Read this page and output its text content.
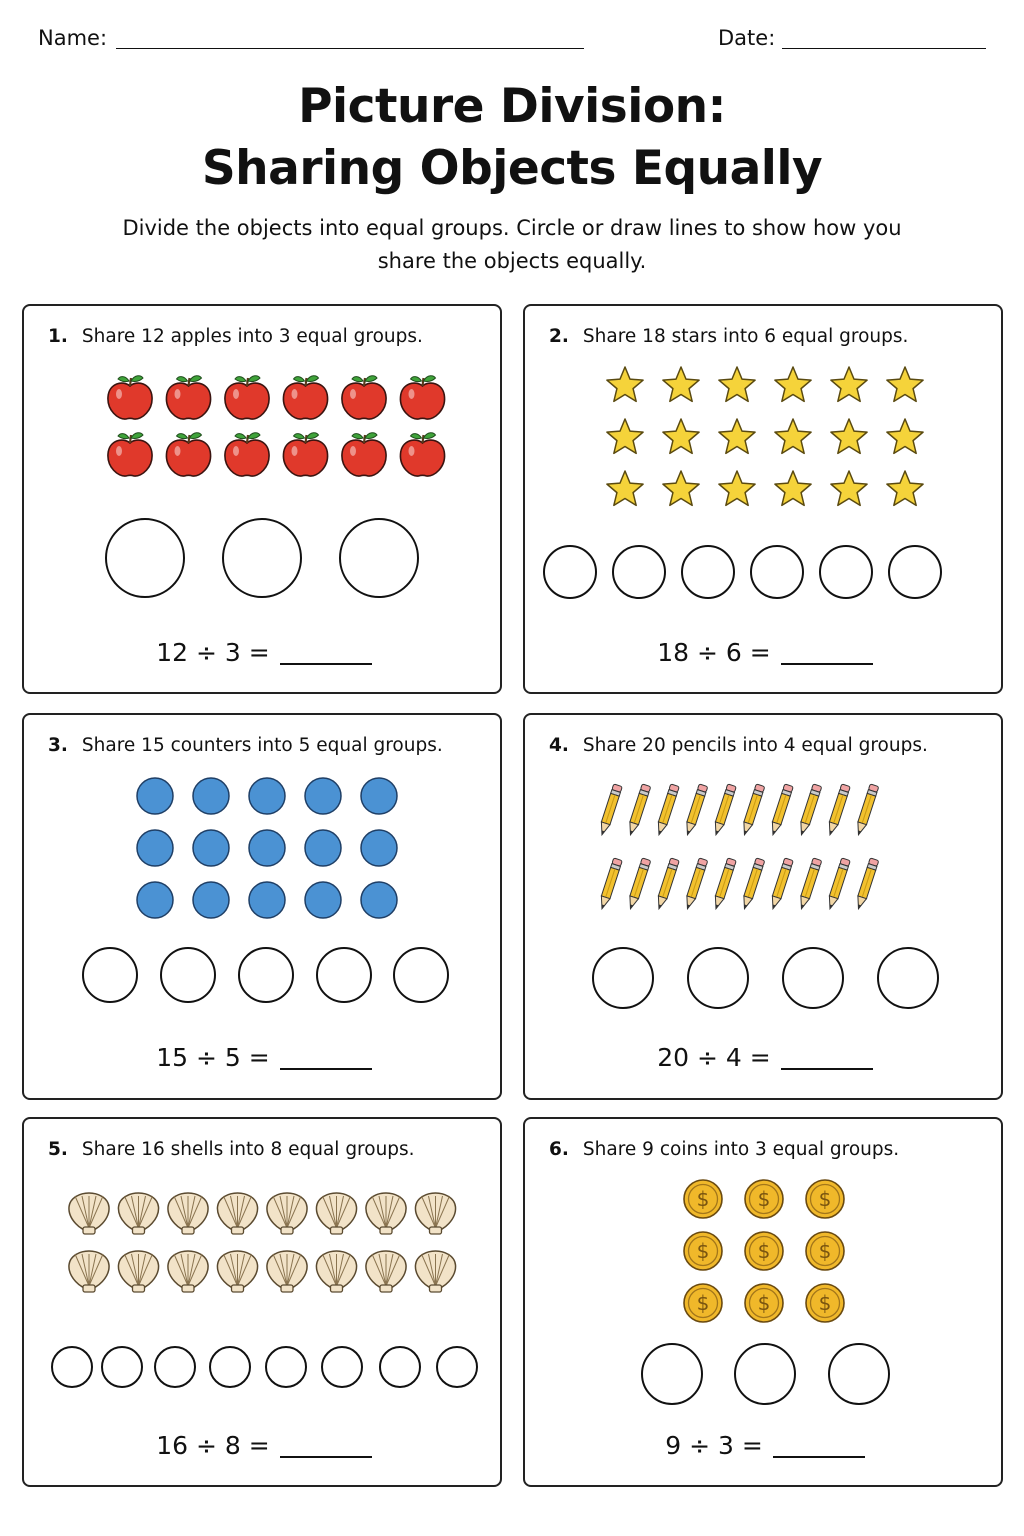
Name:	Date:
Picture Division:
Sharing Objects Equally
Divide the objects into equal groups. Circle or draw lines to show how you share the objects equally.
1. Share 12 apples into 3 equal groups.
12 ÷ 3 =
2. Share 18 stars into 6 equal groups.
18 ÷ 6 =
3. Share 15 counters into 5 equal groups.
15 ÷ 5 =
4. Share 20 pencils into 4 equal groups.
20 ÷ 4 =
5. Share 16 shells into 8 equal groups.
16 ÷ 8 =
6. Share 9 coins into 3 equal groups.
$ $ $
$ $ $
$ $ $
9 ÷ 3 =
